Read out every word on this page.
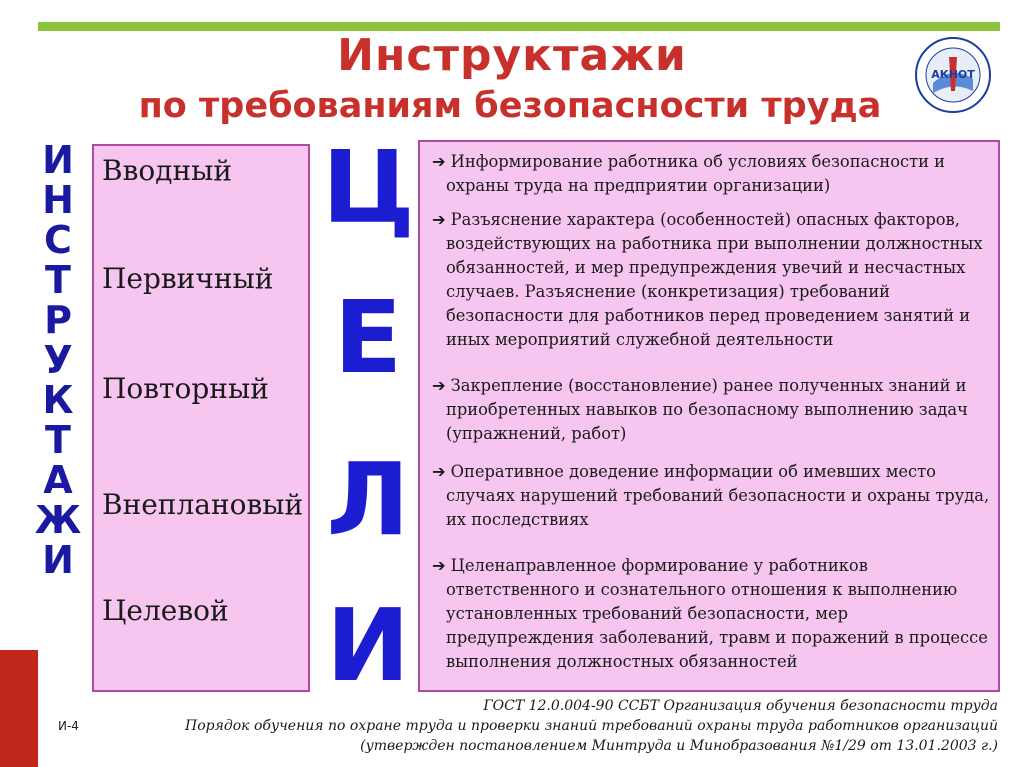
Инструктажи
по требованиям безопасности труда
АКНОТ
И
Н
С
Т
Р
У
К
Т
А
Ж
И
Вводный
Первичный
Повторный
Внеплановый
Целевой
Ц
Е
Л
И

➔ Информирование работника об условиях безопасности и охраны труда на предприятии организации)

➔ Разъяснение характера (особенностей) опасных факторов, воздействующих на работника при выполнении должностных обязанностей, и мер предупреждения увечий и несчастных случаев. Разъяснение (конкретизация) требований безопасности для работников перед проведением занятий и иных мероприятий служебной деятельности

➔ Закрепление (восстановление) ранее полученных знаний и приобретенных навыков по безопасному выполнению задач (упражнений, работ)

➔ Оперативное доведение информации об имевших место случаях нарушений требований безопасности и охраны труда, их последствиях

➔ Целенаправленное формирование у работников ответственного и сознательного отношения к выполнению установленных требований безопасности, мер предупреждения заболеваний, травм и поражений в процессе выполнения должностных обязанностей

И-4
ГОСТ 12.0.004-90 ССБТ Организация обучения безопасности труда
Порядок обучения по охране труда и проверки знаний требований охраны труда работников организаций
(утвержден постановлением Минтруда и Минобразования №1/29 от 13.01.2003 г.)
